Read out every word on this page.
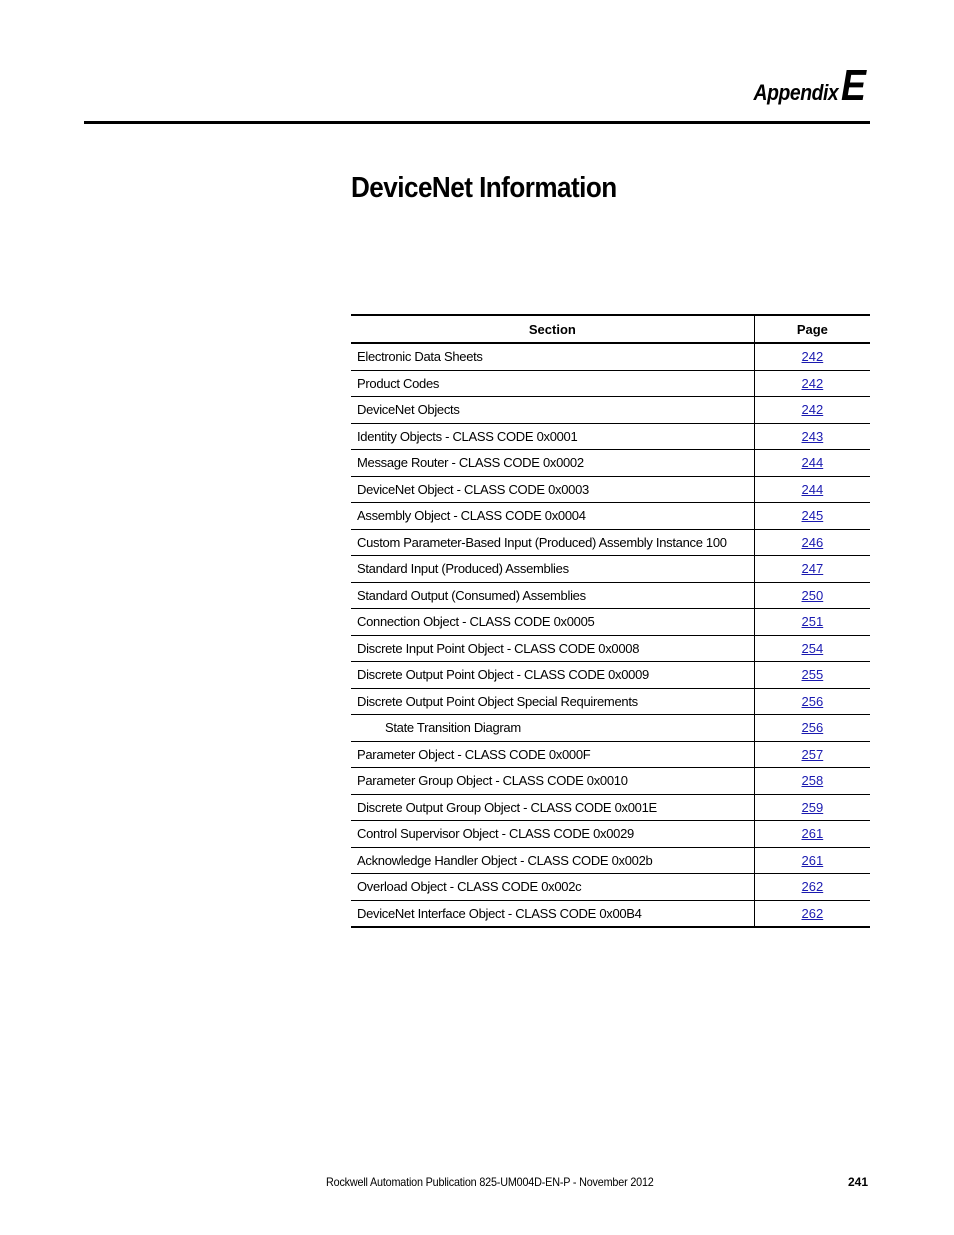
Appendix E
DeviceNet Information
Section	Page
Electronic Data Sheets	242
Product Codes	242
DeviceNet Objects	242
Identity Objects - CLASS CODE 0x0001	243
Message Router - CLASS CODE 0x0002	244
DeviceNet Object - CLASS CODE 0x0003	244
Assembly Object - CLASS CODE 0x0004	245
Custom Parameter-Based Input (Produced) Assembly Instance 100	246
Standard Input (Produced) Assemblies	247
Standard Output (Consumed) Assemblies	250
Connection Object - CLASS CODE 0x0005	251
Discrete Input Point Object - CLASS CODE 0x0008	254
Discrete Output Point Object - CLASS CODE 0x0009	255
Discrete Output Point Object Special Requirements	256
State Transition Diagram	256
Parameter Object - CLASS CODE 0x000F	257
Parameter Group Object - CLASS CODE 0x0010	258
Discrete Output Group Object - CLASS CODE 0x001E	259
Control Supervisor Object - CLASS CODE 0x0029	261
Acknowledge Handler Object - CLASS CODE 0x002b	261
Overload Object - CLASS CODE 0x002c	262
DeviceNet Interface Object - CLASS CODE 0x00B4	262
Rockwell Automation Publication 825-UM004D-EN-P - November 2012	241
